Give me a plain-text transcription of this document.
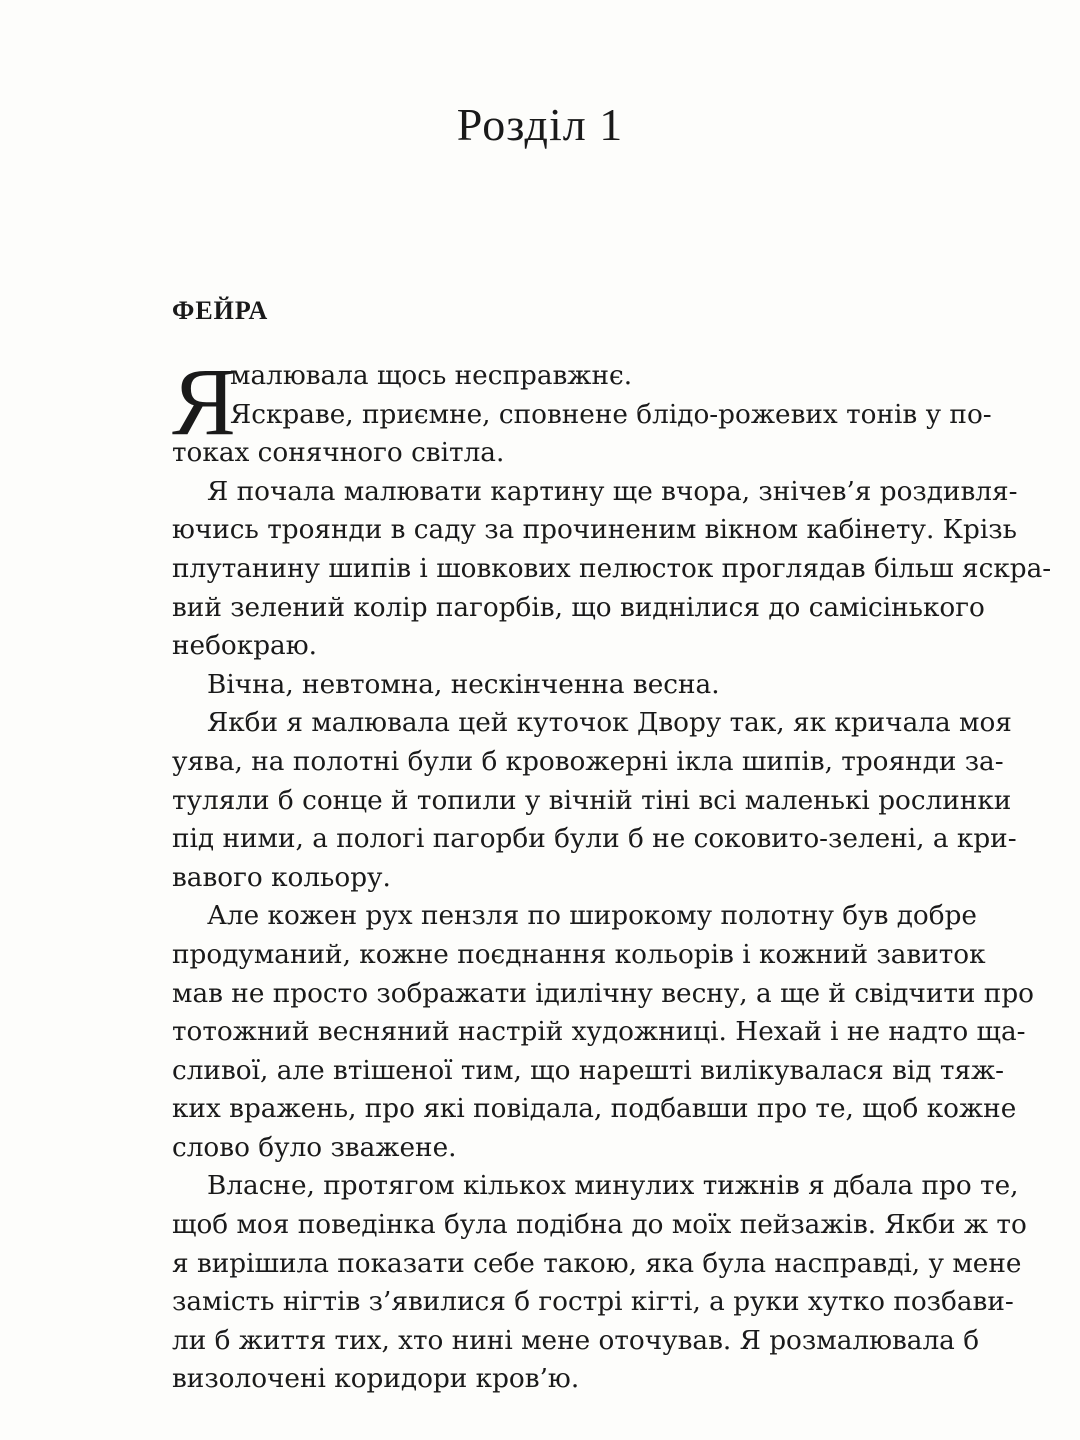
Розділ 1
ФЕЙРА
Я
малювала щось несправжнє.
Яскраве, приємне, сповнене блідо-рожевих тонів у по-
токах сонячного світла.
Я почала малювати картину ще вчора, знічев’я роздивля-
ючись троянди в саду за прочиненим вікном кабінету. Крізь
плутанину шипів і шовкових пелюсток проглядав більш яскра-
вий зелений колір пагорбів, що виднілися до самісінького
небокраю.
Вічна, невтомна, нескінченна весна.
Якби я малювала цей куточок Двору так, як кричала моя
уява, на полотні були б кровожерні ікла шипів, троянди за-
туляли б сонце й топили у вічній тіні всі маленькі рослинки
під ними, а пологі пагорби були б не соковито-зелені, а кри-
вавого кольору.
Але кожен рух пензля по широкому полотну був добре
продуманий, кожне поєднання кольорів і кожний завиток
мав не просто зображати ідилічну весну, а ще й свідчити про
тотожний весняний настрій художниці. Нехай і не надто ща-
сливої, але втішеної тим, що нарешті вилікувалася від тяж-
ких вражень, про які повідала, подбавши про те, щоб кожне
слово було зважене.
Власне, протягом кількох минулих тижнів я дбала про те,
щоб моя поведінка була подібна до моїх пейзажів. Якби ж то
я вирішила показати себе такою, яка була насправді, у мене
замість нігтів з’явилися б гострі кігті, а руки хутко позбави-
ли б життя тих, хто нині мене оточував. Я розмалювала б
визолочені коридори кров’ю.
